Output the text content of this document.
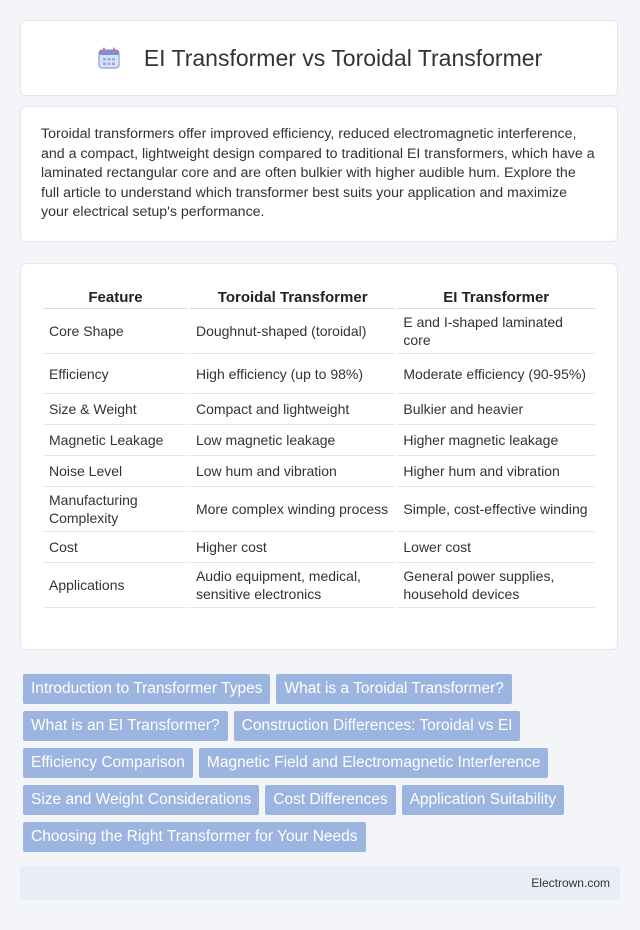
EI Transformer vs Toroidal Transformer

Toroidal transformers offer improved efficiency, reduced electromagnetic interference, and a compact, lightweight design compared to traditional EI transformers, which have a laminated rectangular core and are often bulkier with higher audible hum. Explore the full article to understand which transformer best suits your application and maximize your electrical setup's performance.

Feature	Toroidal Transformer	EI Transformer
Core Shape	Doughnut-shaped (toroidal)	E and I-shaped laminated core
Efficiency	High efficiency (up to 98%)	Moderate efficiency (90-95%)
Size & Weight	Compact and lightweight	Bulkier and heavier
Magnetic Leakage	Low magnetic leakage	Higher magnetic leakage
Noise Level	Low hum and vibration	Higher hum and vibration
Manufacturing Complexity	More complex winding process	Simple, cost-effective winding
Cost	Higher cost	Lower cost
Applications	Audio equipment, medical, sensitive electronics	General power supplies, household devices
Introduction to Transformer Types What is a Toroidal Transformer?
What is an EI Transformer? Construction Differences: Toroidal vs EI
Efficiency Comparison Magnetic Field and Electromagnetic Interference
Size and Weight Considerations Cost Differences Application Suitability
Choosing the Right Transformer for Your Needs
Electrown.com
